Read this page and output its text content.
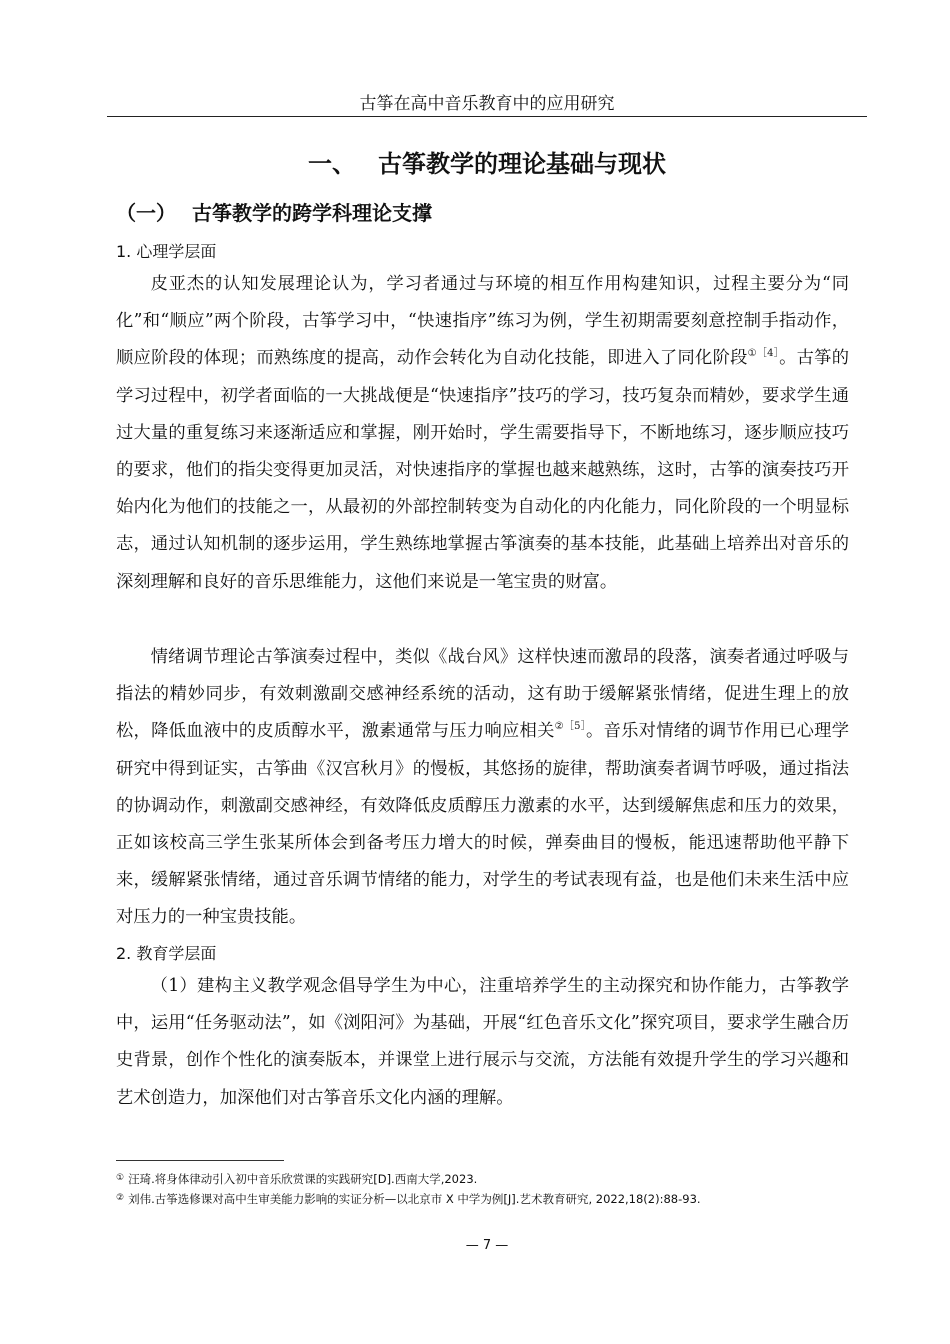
古筝在高中音乐教育中的应用研究
一、 古筝教学的理论基础与现状
（一） 古筝教学的跨学科理论支撑
1. 心理学层面
皮亚杰的认知发展理论认为，学习者通过与环境的相互作用构建知识，过程主要分为“同化”和“顺应”两个阶段，古筝学习中，“快速指序”练习为例，学生初期需要刻意控制手指动作，顺应阶段的体现；而熟练度的提高，动作会转化为自动化技能，即进入了同化阶段$^{①[4]}$。古筝的学习过程中，初学者面临的一大挑战便是“快速指序”技巧的学习，技巧复杂而精妙，要求学生通过大量的重复练习来逐渐适应和掌握，刚开始时，学生需要指导下，不断地练习，逐步顺应技巧的要求，他们的指尖变得更加灵活，对快速指序的掌握也越来越熟练，这时，古筝的演奏技巧开始内化为他们的技能之一，从最初的外部控制转变为自动化的内化能力，同化阶段的一个明显标志，通过认知机制的逐步运用，学生熟练地掌握古筝演奏的基本技能，此基础上培养出对音乐的深刻理解和良好的音乐思维能力，这他们来说是一笔宝贵的财富。
情绪调节理论古筝演奏过程中，类似《战台风》这样快速而激昂的段落，演奏者通过呼吸与指法的精妙同步，有效刺激副交感神经系统的活动，这有助于缓解紧张情绪，促进生理上的放松，降低血液中的皮质醇水平，激素通常与压力响应相关$^{②[5]}$。音乐对情绪的调节作用已心理学研究中得到证实，古筝曲《汉宫秋月》的慢板，其悠扬的旋律，帮助演奏者调节呼吸，通过指法的协调动作，刺激副交感神经，有效降低皮质醇压力激素的水平，达到缓解焦虑和压力的效果，正如该校高三学生张某所体会到备考压力增大的时候，弹奏曲目的慢板，能迅速帮助他平静下来，缓解紧张情绪，通过音乐调节情绪的能力，对学生的考试表现有益，也是他们未来生活中应对压力的一种宝贵技能。
2. 教育学层面
（1）建构主义教学观念倡导学生为中心，注重培养学生的主动探究和协作能力，古筝教学中，运用“任务驱动法”，如《浏阳河》为基础，开展“红色音乐文化”探究项目，要求学生融合历史背景，创作个性化的演奏版本，并课堂上进行展示与交流，方法能有效提升学生的学习兴趣和艺术创造力，加深他们对古筝音乐文化内涵的理解。
① 汪琦.将身体律动引入初中音乐欣赏课的实践研究[D].西南大学,2023.
② 刘伟.古筝选修课对高中生审美能力影响的实证分析—以北京市 X 中学为例[J].艺术教育研究, 2022,18(2):88-93.
— 7 —
